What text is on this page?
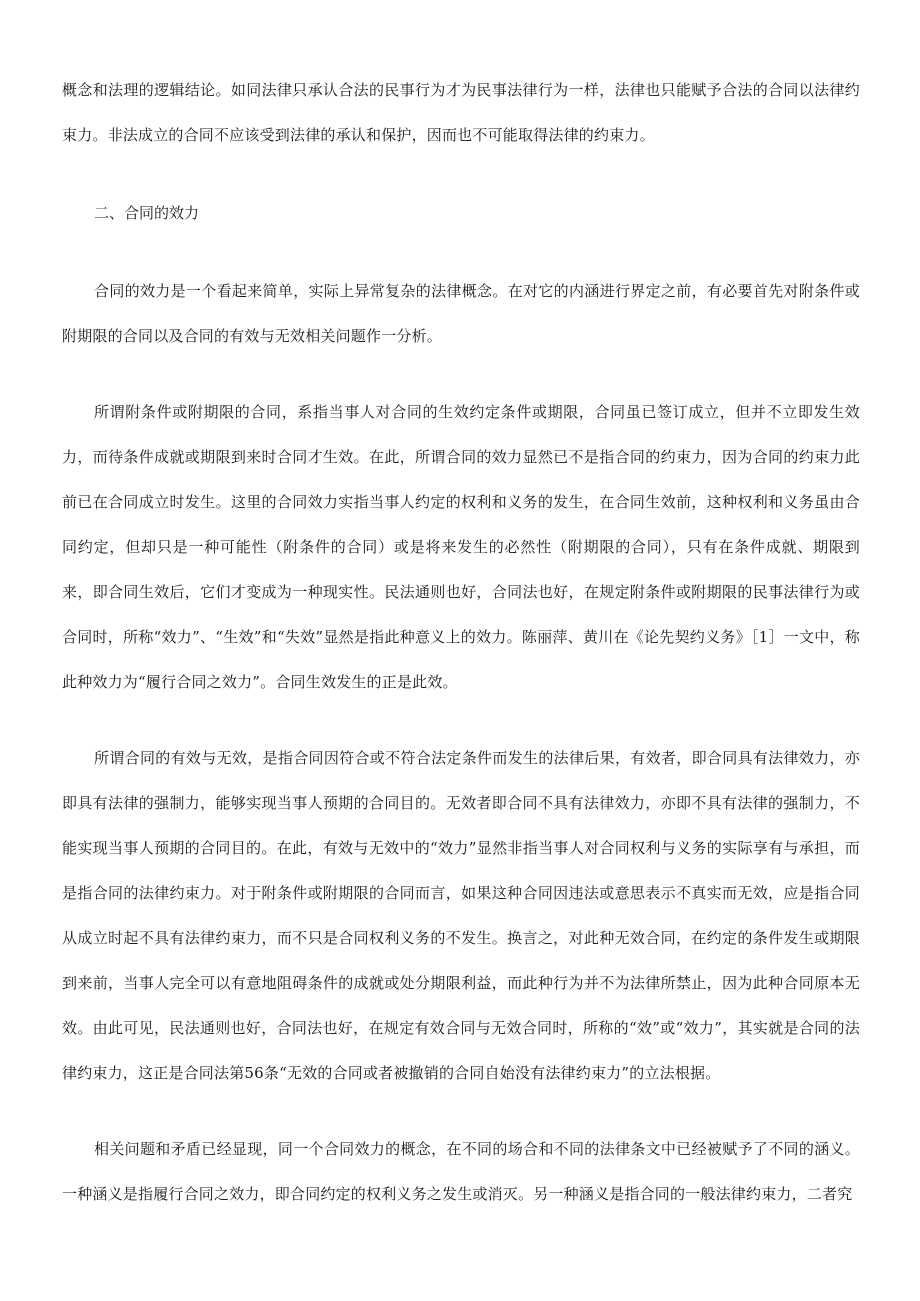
概念和法理的逻辑结论。如同法律只承认合法的民事行为才为民事法律行为一样，法律也只能赋予合法的合同以法律约束力。非法成立的合同不应该受到法律的承认和保护，因而也不可能取得法律的约束力。

二、合同的效力

合同的效力是一个看起来简单，实际上异常复杂的法律概念。在对它的内涵进行界定之前，有必要首先对附条件或附期限的合同以及合同的有效与无效相关问题作一分析。

所谓附条件或附期限的合同，系指当事人对合同的生效约定条件或期限，合同虽已签订成立，但并不立即发生效力，而待条件成就或期限到来时合同才生效。在此，所谓合同的效力显然已不是指合同的约束力，因为合同的约束力此前已在合同成立时发生。这里的合同效力实指当事人约定的权利和义务的发生，在合同生效前，这种权利和义务虽由合同约定，但却只是一种可能性（附条件的合同）或是将来发生的必然性（附期限的合同），只有在条件成就、期限到来，即合同生效后，它们才变成为一种现实性。民法通则也好，合同法也好，在规定附条件或附期限的民事法律行为或合同时，所称“效力”、“生效”和“失效”显然是指此种意义上的效力。陈丽萍、黄川在《论先契约义务》［1］一文中，称此种效力为“履行合同之效力”。合同生效发生的正是此效。

所谓合同的有效与无效，是指合同因符合或不符合法定条件而发生的法律后果，有效者，即合同具有法律效力，亦即具有法律的强制力，能够实现当事人预期的合同目的。无效者即合同不具有法律效力，亦即不具有法律的强制力，不能实现当事人预期的合同目的。在此，有效与无效中的“效力”显然非指当事人对合同权利与义务的实际享有与承担，而是指合同的法律约束力。对于附条件或附期限的合同而言，如果这种合同因违法或意思表示不真实而无效，应是指合同从成立时起不具有法律约束力，而不只是合同权利义务的不发生。换言之，对此种无效合同，在约定的条件发生或期限到来前，当事人完全可以有意地阻碍条件的成就或处分期限利益，而此种行为并不为法律所禁止，因为此种合同原本无效。由此可见，民法通则也好，合同法也好，在规定有效合同与无效合同时，所称的“效”或“效力”，其实就是合同的法律约束力，这正是合同法第56条“无效的合同或者被撤销的合同自始没有法律约束力”的立法根据。

相关问题和矛盾已经显现，同一个合同效力的概念，在不同的场合和不同的法律条文中已经被赋予了不同的涵义。一种涵义是指履行合同之效力，即合同约定的权利义务之发生或消灭。另一种涵义是指合同的一般法律约束力，二者究
